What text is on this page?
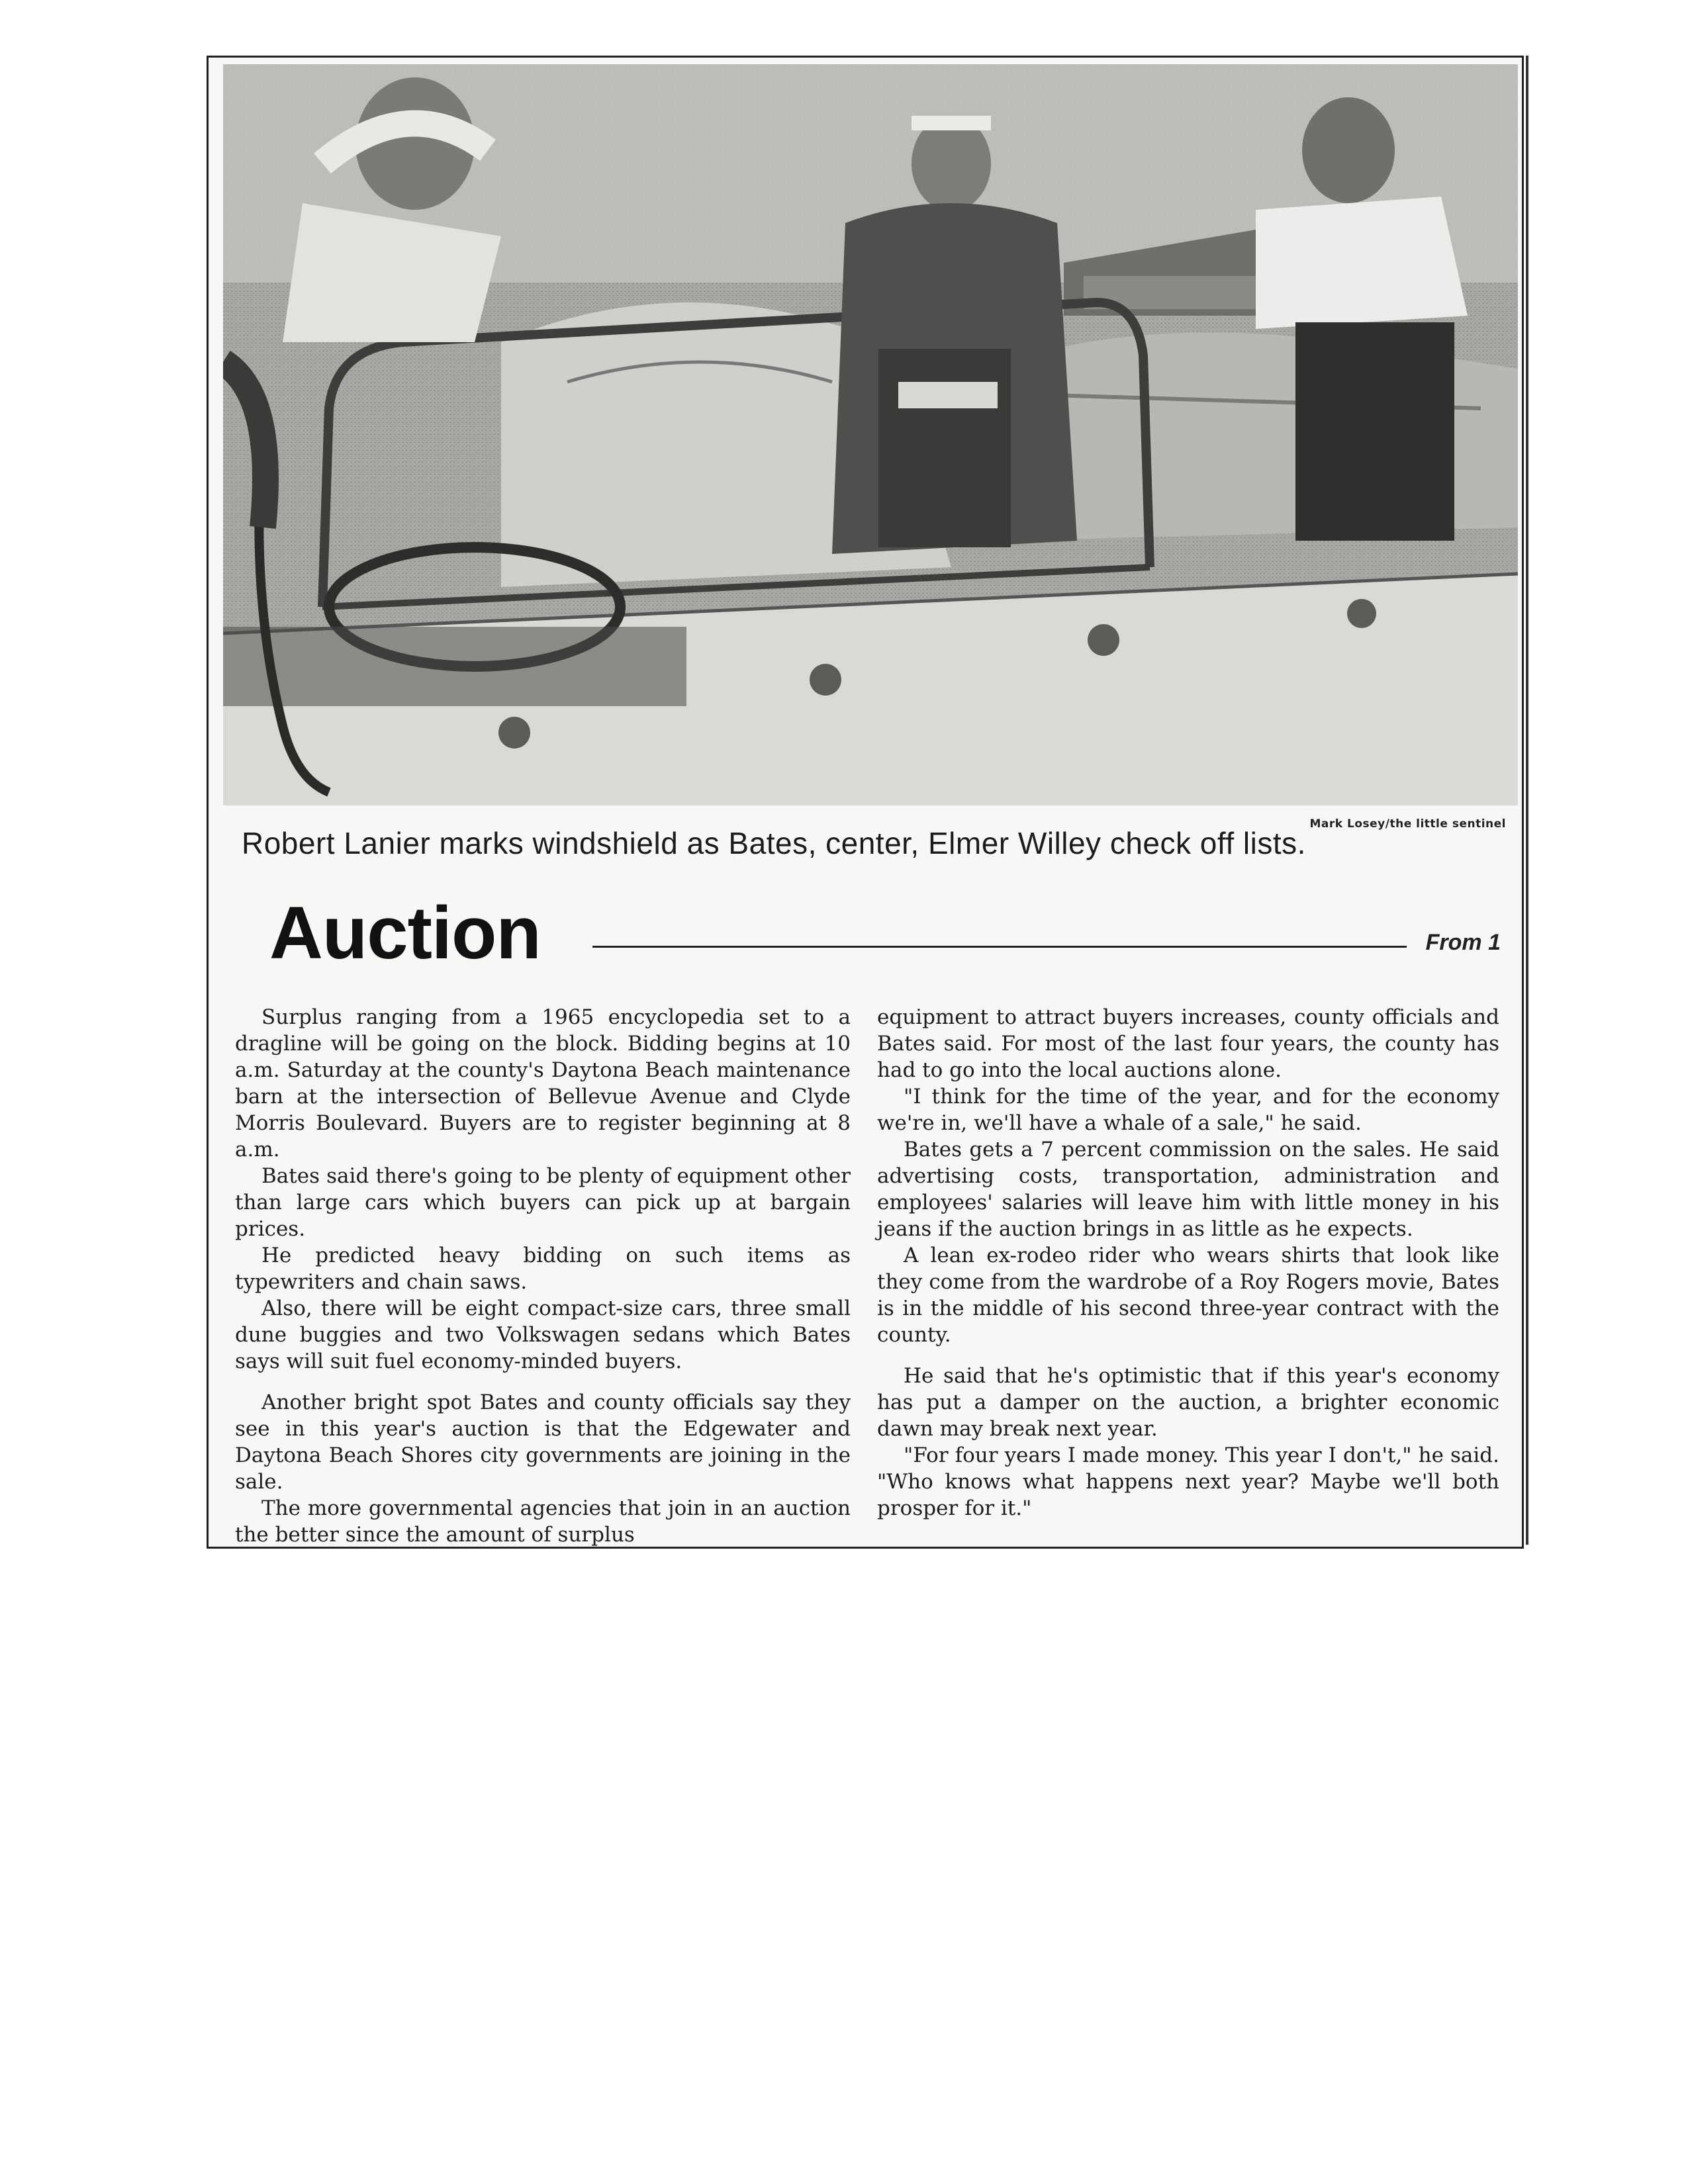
Mark Losey/the little sentinel
Robert Lanier marks windshield as Bates, center, Elmer Willey check off lists.
Auction	From 1

Surplus ranging from a 1965 encyclopedia set to a dragline will be going on the block. Bidding begins at 10 a.m. Saturday at the county's Daytona Beach maintenance barn at the intersection of Bellevue Avenue and Clyde Morris Boulevard. Buyers are to register beginning at 8 a.m.

Bates said there's going to be plenty of equipment other than large cars which buyers can pick up at bargain prices.

He predicted heavy bidding on such items as typewriters and chain saws.

Also, there will be eight compact-size cars, three small dune buggies and two Volkswagen sedans which Bates says will suit fuel economy-minded buyers.

Another bright spot Bates and county officials say they see in this year's auction is that the Edgewater and Daytona Beach Shores city governments are joining in the sale.

The more governmental agencies that join in an auction the better since the amount of surplus

equipment to attract buyers increases, county officials and Bates said. For most of the last four years, the county has had to go into the local auctions alone.

"I think for the time of the year, and for the economy we're in, we'll have a whale of a sale," he said.

Bates gets a 7 percent commission on the sales. He said advertising costs, transportation, administration and employees' salaries will leave him with little money in his jeans if the auction brings in as little as he expects.

A lean ex-rodeo rider who wears shirts that look like they come from the wardrobe of a Roy Rogers movie, Bates is in the middle of his second three-year contract with the county.

He said that he's optimistic that if this year's economy has put a damper on the auction, a brighter economic dawn may break next year.

"For four years I made money. This year I don't," he said. "Who knows what happens next year? Maybe we'll both prosper for it."
